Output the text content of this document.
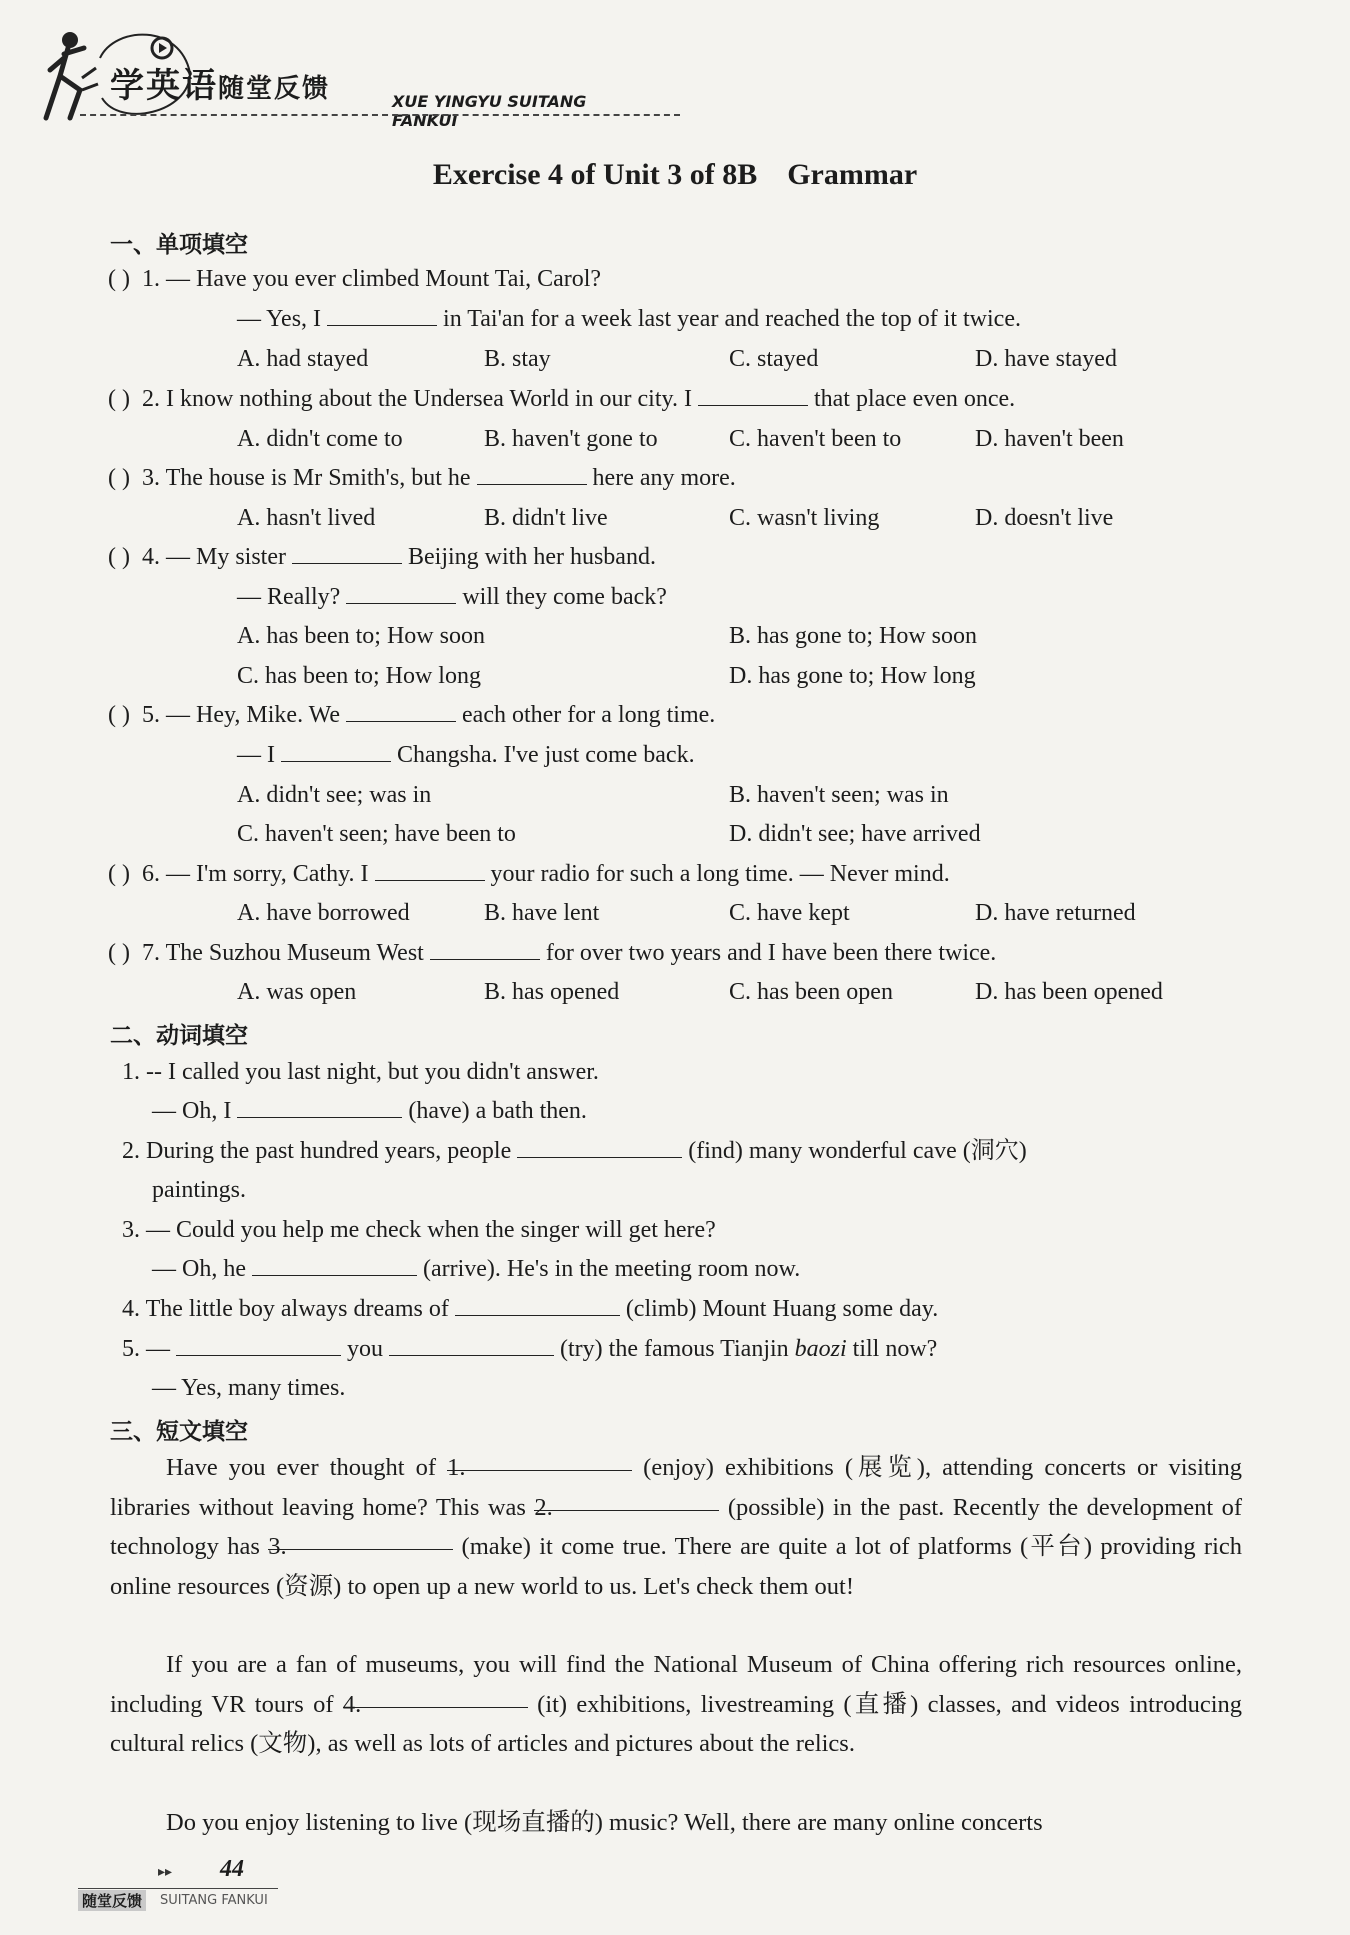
学英语随堂反馈	XUE YINGYU SUITANG FANKUI
Exercise 4 of Unit 3 of 8B Grammar
一、单项填空
( ) 1. — Have you ever climbed Mount Tai, Carol?
— Yes, I	in Tai'an for a week last year and reached the top of it twice.
A. had stayed	B. stay	C. stayed	D. have stayed
( ) 2. I know nothing about the Undersea World in our city. I	that place even once.
A. didn't come to	B. haven't gone to	C. haven't been to	D. haven't been
( ) 3. The house is Mr Smith's, but he	here any more.
A. hasn't lived	B. didn't live	C. wasn't living	D. doesn't live
( ) 4. — My sister	Beijing with her husband.
— Really?	will they come back?
A. has been to; How soon	B. has gone to; How soon
C. has been to; How long	D. has gone to; How long
( ) 5. — Hey, Mike. We	each other for a long time.
— I	Changsha. I've just come back.
A. didn't see; was in	B. haven't seen; was in
C. haven't seen; have been to	D. didn't see; have arrived
( ) 6. — I'm sorry, Cathy. I	your radio for such a long time. — Never mind.
A. have borrowed	B. have lent	C. have kept	D. have returned
( ) 7. The Suzhou Museum West	for over two years and I have been there twice.
A. was open	B. has opened	C. has been open	D. has been opened
二、动词填空
1. -- I called you last night, but you didn't answer.
— Oh, I	(have) a bath then.
2. During the past hundred years, people	(find) many wonderful cave (洞穴)
paintings.
3. — Could you help me check when the singer will get here?
— Oh, he	(arrive). He's in the meeting room now.
4. The little boy always dreams of	(climb) Mount Huang some day.
5. —	you	(try) the famous Tianjin baozi till now?
— Yes, many times.
三、短文填空
Have you ever thought of 1.	(enjoy) exhibitions (展览), attending concerts or visiting libraries without leaving home? This was 2.	(possible) in the past. Recently the development of technology has 3.	(make) it come true. There are quite a lot of platforms (平台) providing rich online resources (资源) to open up a new world to us. Let's check them out!
If you are a fan of museums, you will find the National Museum of China offering rich resources online, including VR tours of 4.	(it) exhibitions, livestreaming (直播) classes, and videos introducing cultural relics (文物), as well as lots of articles and pictures about the relics.
Do you enjoy listening to live (现场直播的) music? Well, there are many online concerts
▸▸ 44
随堂反馈	SUITANG FANKUI
